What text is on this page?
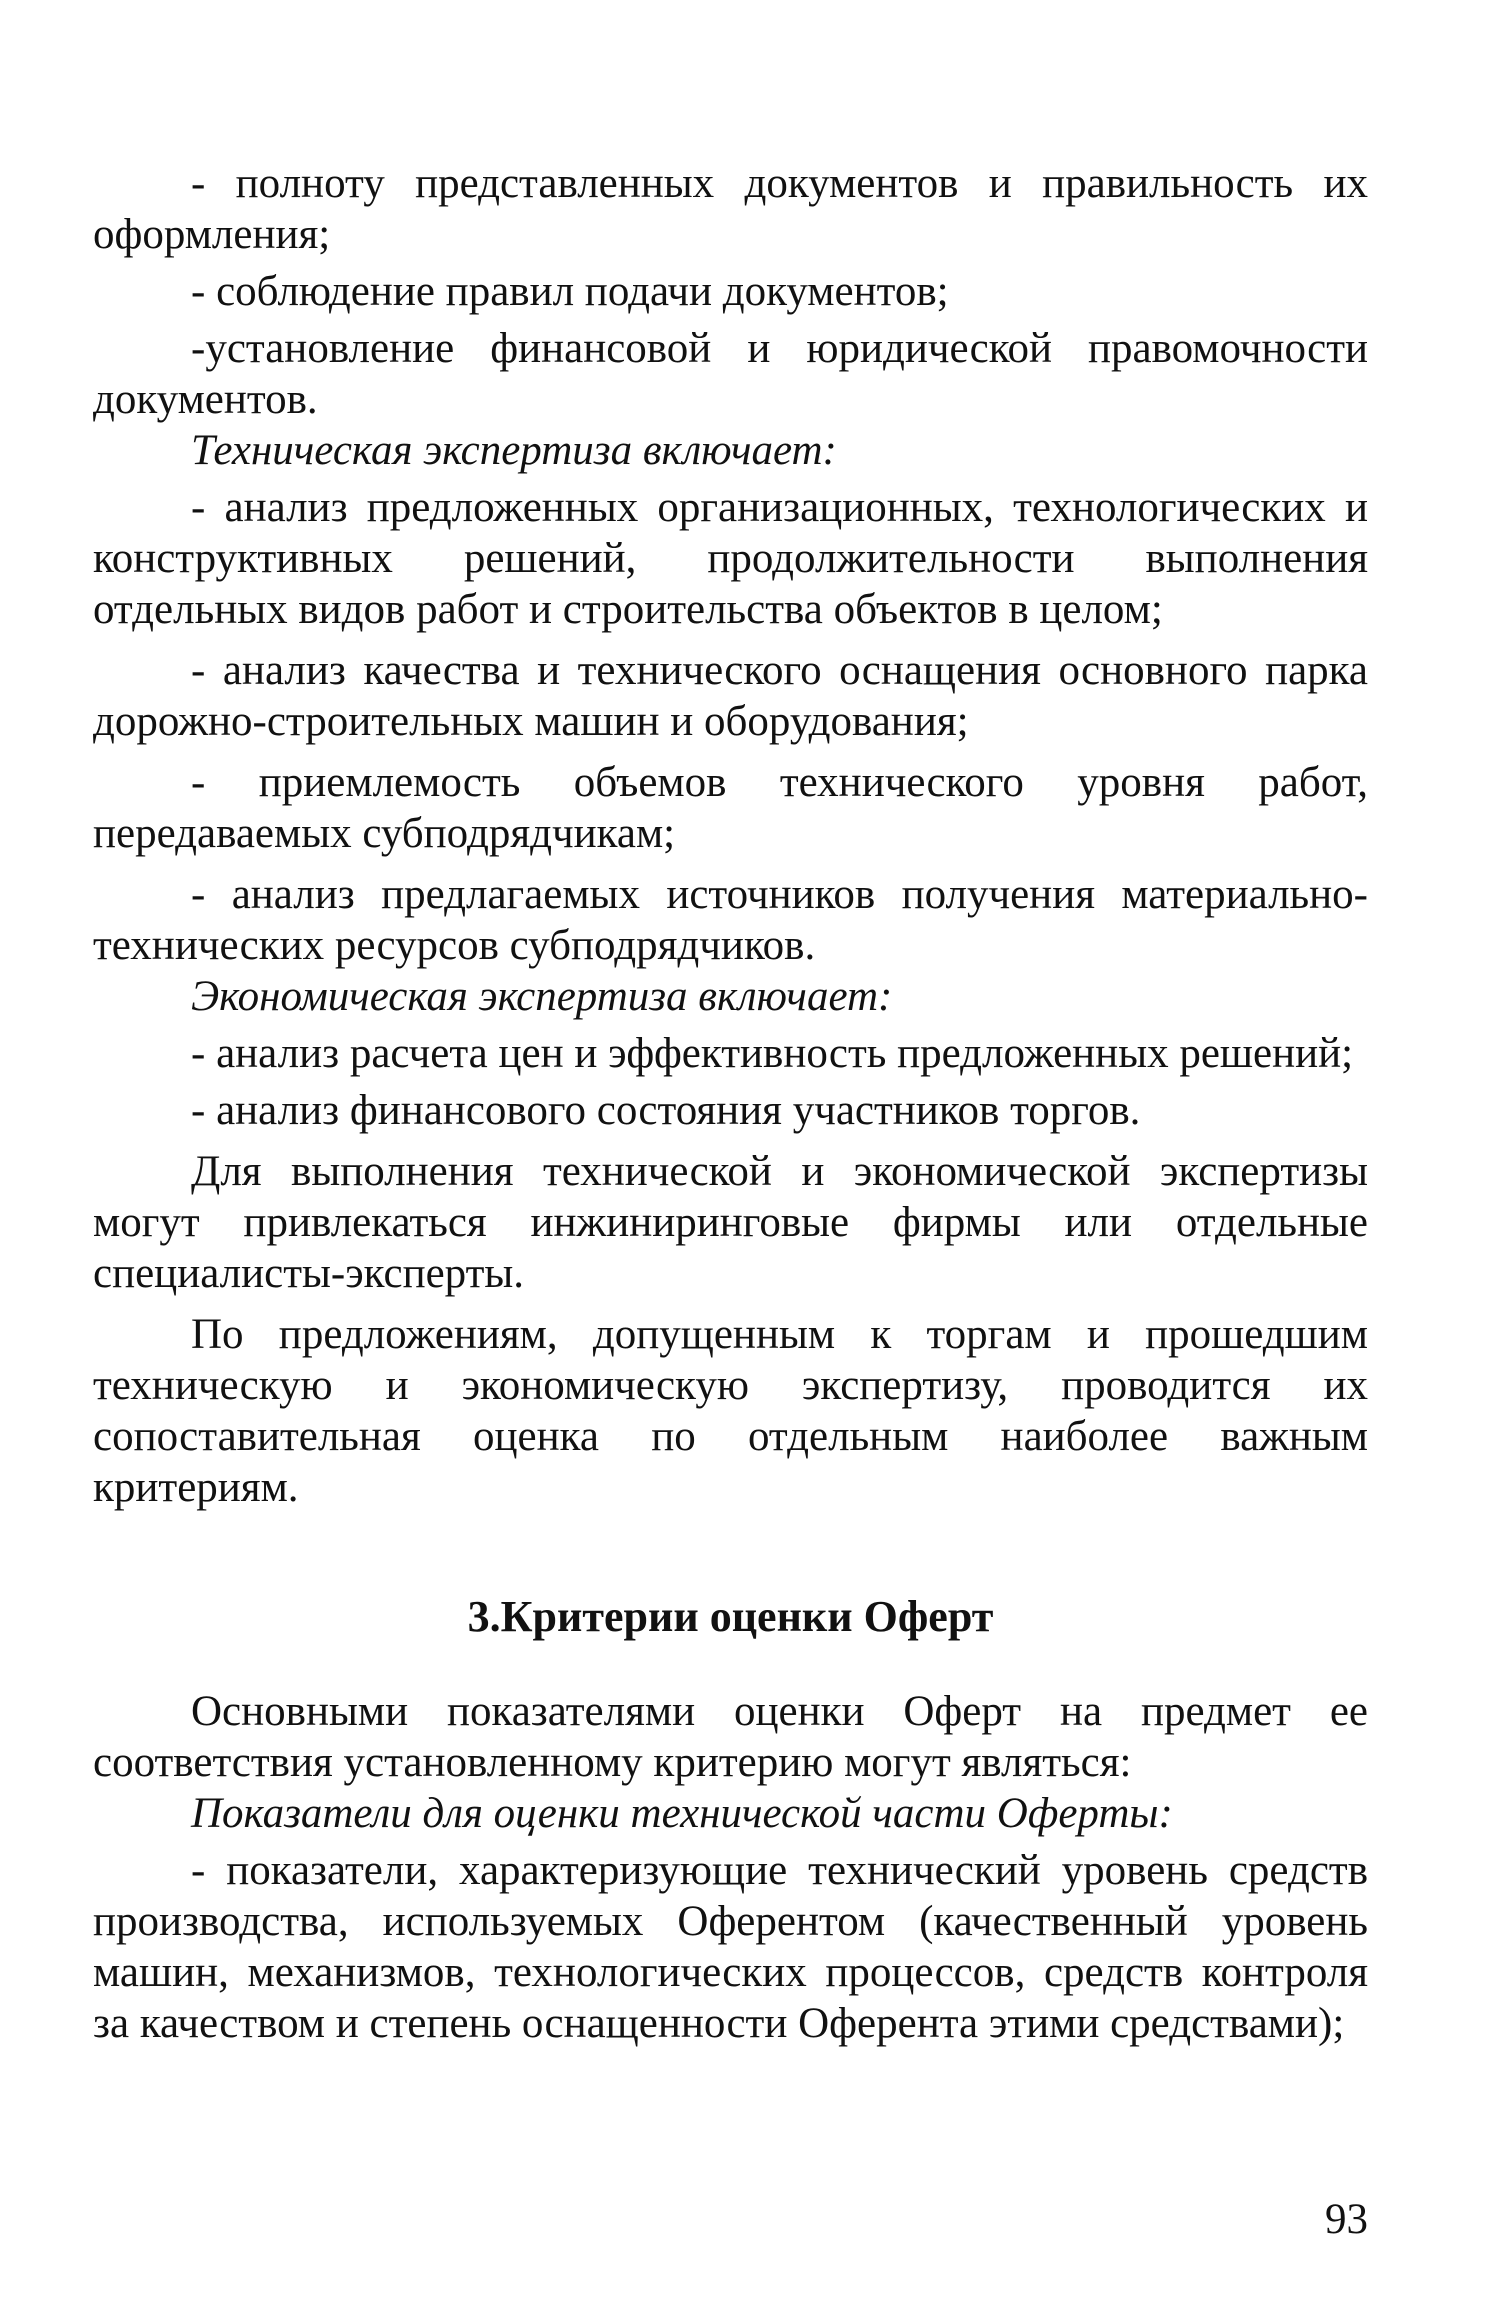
- полноту представленных документов и правильность их оформления;

- соблюдение правил подачи документов;

-установление финансовой и юридической правомочности документов.

Техническая экспертиза включает:

- анализ предложенных организационных, технологических и конструктивных решений, продолжительности выполнения отдельных видов работ и строительства объектов в целом;

- анализ качества и технического оснащения основного парка дорожно-строительных машин и оборудования;

- приемлемость объемов технического уровня работ, передаваемых субподрядчикам;

- анализ предлагаемых источников получения материально-технических ресурсов субподрядчиков.

Экономическая экспертиза включает:

- анализ расчета цен и эффективность предложенных решений;

- анализ финансового состояния участников торгов.

Для выполнения технической и экономической экспертизы могут привлекаться инжиниринговые фирмы или отдельные специалисты-эксперты.

По предложениям, допущенным к торгам и прошедшим техническую и экономическую экспертизу, проводится их сопоставительная оценка по отдельным наиболее важным критериям.

3.Критерии оценки Оферт

Основными показателями оценки Оферт на предмет ее соответствия установленному критерию могут являться:

Показатели для оценки технической части Оферты:

- показатели, характеризующие технический уровень средств производства, используемых Оферентом (качественный уровень машин, механизмов, технологических процессов, средств контроля за качеством и степень оснащенности Оферента этими средствами);

93
